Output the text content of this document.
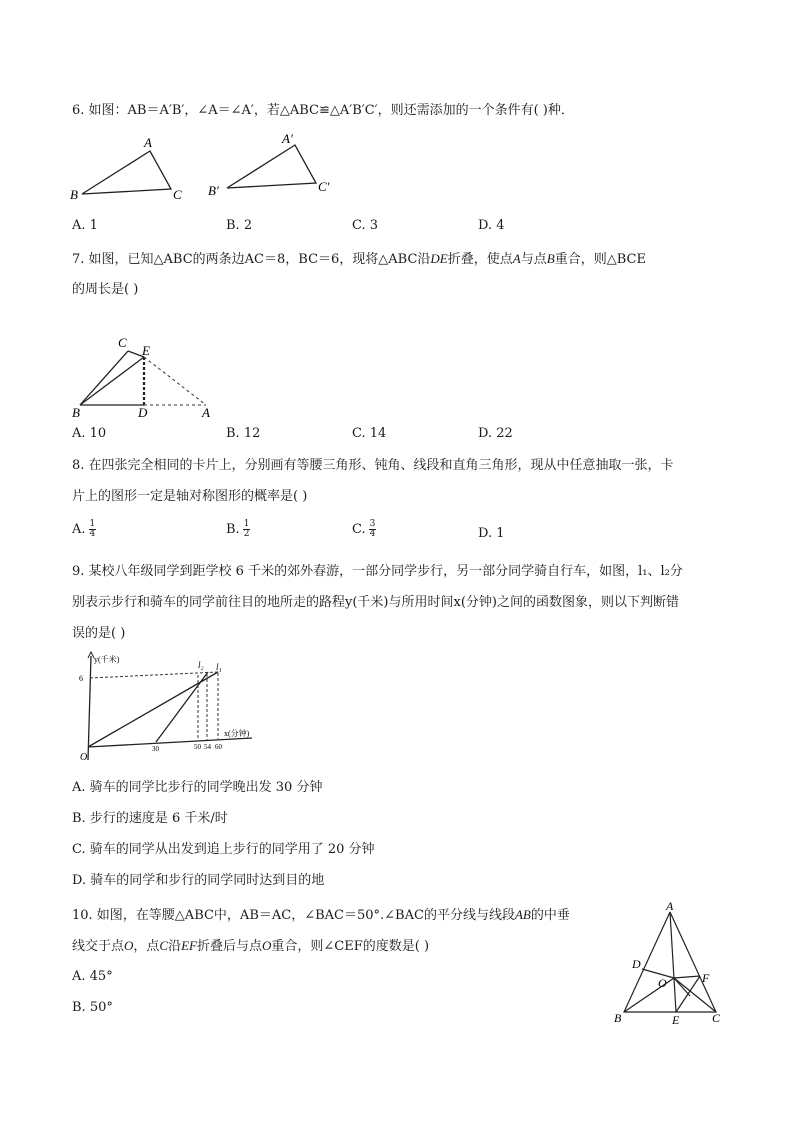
6. 如图：AB＝A′B′，∠A＝∠A′，若△ABC≌△A′B′C′，则还需添加的一个条件有( )种．
A
B	C
A′
B′	C′
A. 1	B. 2	C. 3	D. 4
7. 如图，已知△ABC的两条边AC＝8，BC＝6，现将△ABC沿DE折叠，使点A与点B重合，则△BCE
的周长是( )
C
E
B	D	A
A. 10	B. 12	C. 14	D. 22
8. 在四张完全相同的卡片上，分别画有等腰三角形、钝角、线段和直角三角形，现从中任意抽取一张，卡
片上的图形一定是轴对称图形的概率是( )
A. $\frac{1}{4}$	B. $\frac{1}{2}$	C. $\frac{3}{4}$	D. 1
9. 某校八年级同学到距学校 6 千米的郊外春游，一部分同学步行，另一部分同学骑自行车，如图，l₁、l₂分
别表示步行和骑车的同学前往目的地所走的路程y(千米)与所用时间x(分钟)之间的函数图象，则以下判断错
误的是( )
y(千米)
x(分钟)
O
6
30	50 54 60
l₂ l₁
A. 骑车的同学比步行的同学晚出发 30 分钟
B. 步行的速度是 6 千米/时
C. 骑车的同学从出发到追上步行的同学用了 20 分钟
D. 骑车的同学和步行的同学同时达到目的地
10. 如图，在等腰△ABC中，AB＝AC，∠BAC＝50°.∠BAC的平分线与线段AB的中垂
线交于点O，点C沿EF折叠后与点O重合，则∠CEF的度数是( )
A. 45°
B. 50°
A
D
O	F
B	E	C
